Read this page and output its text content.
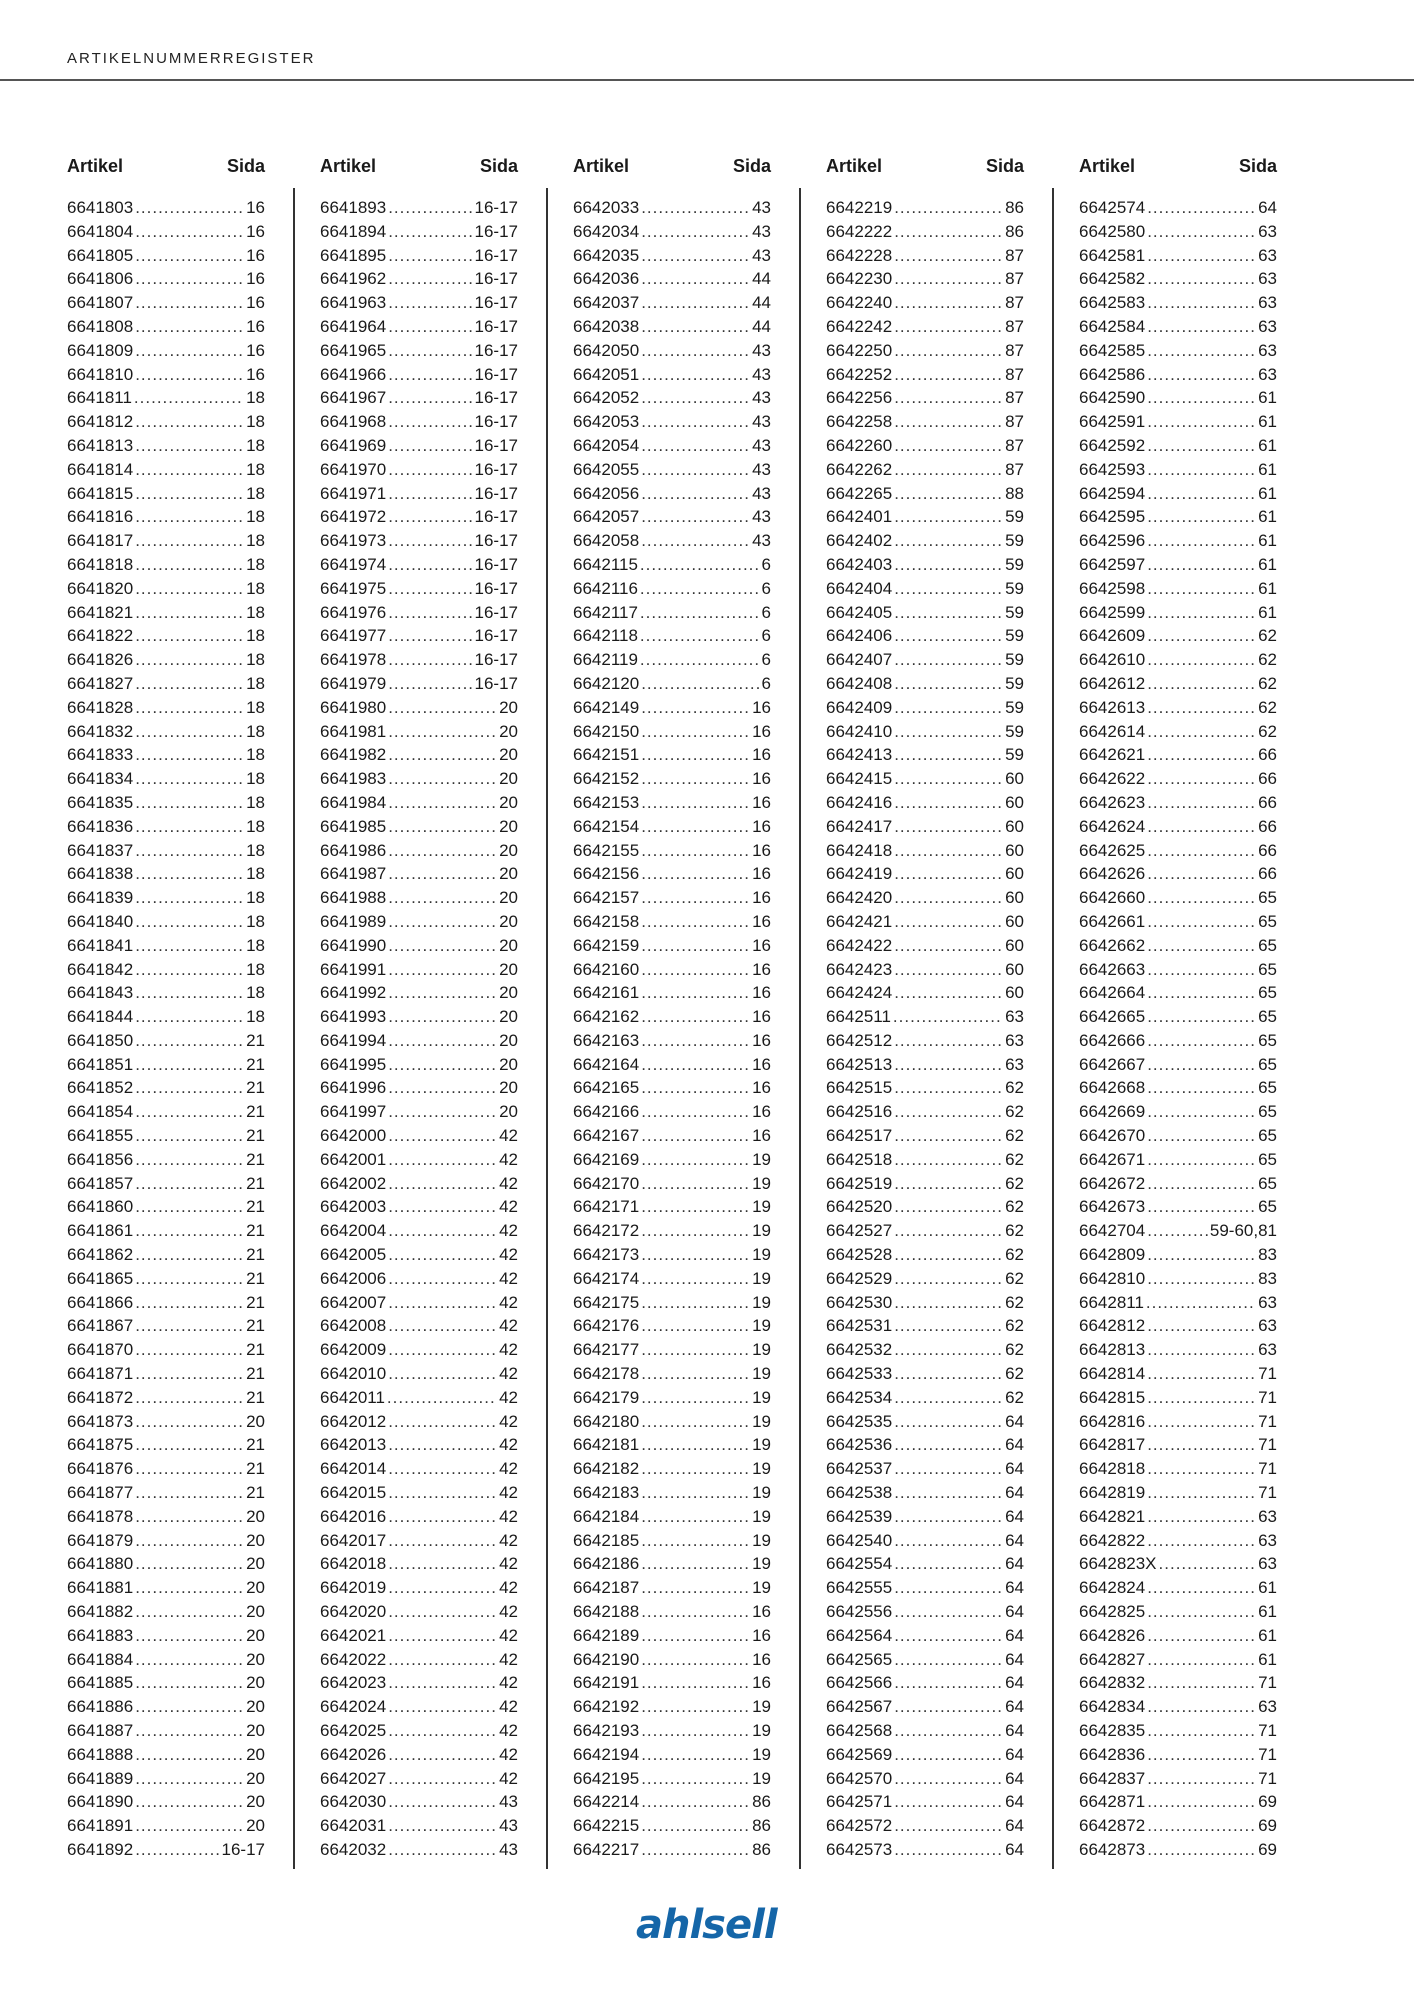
ARTIKELNUMMERREGISTER
Artikel	Sida
6641803 .....	16
6641804 .....	16
6641805 .....	16
6641806 .....	16
6641807 .....	16
6641808 .....	16
6641809 .....	16
6641810 .....	16
6641811 .....	18
6641812 .....	18
6641813 .....	18
6641814 .....	18
6641815 .....	18
6641816 .....	18
6641817 .....	18
6641818 .....	18
6641820 .....	18
6641821 .....	18
6641822 .....	18
6641826 .....	18
6641827 .....	18
6641828 .....	18
6641832 .....	18
6641833 .....	18
6641834 .....	18
6641835 .....	18
6641836 .....	18
6641837 .....	18
6641838 .....	18
6641839 .....	18
6641840 .....	18
6641841 .....	18
6641842 .....	18
6641843 .....	18
6641844 .....	18
6641850 .....	21
6641851 .....	21
6641852 .....	21
6641854 .....	21
6641855 .....	21
6641856 .....	21
6641857 .....	21
6641860 .....	21
6641861 .....	21
6641862 .....	21
6641865 .....	21
6641866 .....	21
6641867 .....	21
6641870 .....	21
6641871 .....	21
6641872 .....	21
6641873 .....	20
6641875 .....	21
6641876 .....	21
6641877 .....	21
6641878 .....	20
6641879 .....	20
6641880 .....	20
6641881 .....	20
6641882 .....	20
6641883 .....	20
6641884 .....	20
6641885 .....	20
6641886 .....	20
6641887 .....	20
6641888 .....	20
6641889 .....	20
6641890 .....	20
6641891 .....	20
6641892 .....	16-17
Artikel	Sida
6641893 .....	16-17
6641894 .....	16-17
6641895 .....	16-17
6641962 .....	16-17
6641963 .....	16-17
6641964 .....	16-17
6641965 .....	16-17
6641966 .....	16-17
6641967 .....	16-17
6641968 .....	16-17
6641969 .....	16-17
6641970 .....	16-17
6641971 .....	16-17
6641972 .....	16-17
6641973 .....	16-17
6641974 .....	16-17
6641975 .....	16-17
6641976 .....	16-17
6641977 .....	16-17
6641978 .....	16-17
6641979 .....	16-17
6641980 .....	20
6641981 .....	20
6641982 .....	20
6641983 .....	20
6641984 .....	20
6641985 .....	20
6641986 .....	20
6641987 .....	20
6641988 .....	20
6641989 .....	20
6641990 .....	20
6641991 .....	20
6641992 .....	20
6641993 .....	20
6641994 .....	20
6641995 .....	20
6641996 .....	20
6641997 .....	20
6642000 .....	42
6642001 .....	42
6642002 .....	42
6642003 .....	42
6642004 .....	42
6642005 .....	42
6642006 .....	42
6642007 .....	42
6642008 .....	42
6642009 .....	42
6642010 .....	42
6642011 .....	42
6642012 .....	42
6642013 .....	42
6642014 .....	42
6642015 .....	42
6642016 .....	42
6642017 .....	42
6642018 .....	42
6642019 .....	42
6642020 .....	42
6642021 .....	42
6642022 .....	42
6642023 .....	42
6642024 .....	42
6642025 .....	42
6642026 .....	42
6642027 .....	42
6642030 .....	43
6642031 .....	43
6642032 .....	43
Artikel	Sida
6642033 .....	43
6642034 .....	43
6642035 .....	43
6642036 .....	44
6642037 .....	44
6642038 .....	44
6642050 .....	43
6642051 .....	43
6642052 .....	43
6642053 .....	43
6642054 .....	43
6642055 .....	43
6642056 .....	43
6642057 .....	43
6642058 .....	43
6642115 .....	6
6642116 .....	6
6642117 .....	6
6642118 .....	6
6642119 .....	6
6642120 .....	6
6642149 .....	16
6642150 .....	16
6642151 .....	16
6642152 .....	16
6642153 .....	16
6642154 .....	16
6642155 .....	16
6642156 .....	16
6642157 .....	16
6642158 .....	16
6642159 .....	16
6642160 .....	16
6642161 .....	16
6642162 .....	16
6642163 .....	16
6642164 .....	16
6642165 .....	16
6642166 .....	16
6642167 .....	16
6642169 .....	19
6642170 .....	19
6642171 .....	19
6642172 .....	19
6642173 .....	19
6642174 .....	19
6642175 .....	19
6642176 .....	19
6642177 .....	19
6642178 .....	19
6642179 .....	19
6642180 .....	19
6642181 .....	19
6642182 .....	19
6642183 .....	19
6642184 .....	19
6642185 .....	19
6642186 .....	19
6642187 .....	19
6642188 .....	16
6642189 .....	16
6642190 .....	16
6642191 .....	16
6642192 .....	19
6642193 .....	19
6642194 .....	19
6642195 .....	19
6642214 .....	86
6642215 .....	86
6642217 .....	86
Artikel	Sida
6642219 .....	86
6642222 .....	86
6642228 .....	87
6642230 .....	87
6642240 .....	87
6642242 .....	87
6642250 .....	87
6642252 .....	87
6642256 .....	87
6642258 .....	87
6642260 .....	87
6642262 .....	87
6642265 .....	88
6642401 .....	59
6642402 .....	59
6642403 .....	59
6642404 .....	59
6642405 .....	59
6642406 .....	59
6642407 .....	59
6642408 .....	59
6642409 .....	59
6642410 .....	59
6642413 .....	59
6642415 .....	60
6642416 .....	60
6642417 .....	60
6642418 .....	60
6642419 .....	60
6642420 .....	60
6642421 .....	60
6642422 .....	60
6642423 .....	60
6642424 .....	60
6642511 .....	63
6642512 .....	63
6642513 .....	63
6642515 .....	62
6642516 .....	62
6642517 .....	62
6642518 .....	62
6642519 .....	62
6642520 .....	62
6642527 .....	62
6642528 .....	62
6642529 .....	62
6642530 .....	62
6642531 .....	62
6642532 .....	62
6642533 .....	62
6642534 .....	62
6642535 .....	64
6642536 .....	64
6642537 .....	64
6642538 .....	64
6642539 .....	64
6642540 .....	64
6642554 .....	64
6642555 .....	64
6642556 .....	64
6642564 .....	64
6642565 .....	64
6642566 .....	64
6642567 .....	64
6642568 .....	64
6642569 .....	64
6642570 .....	64
6642571 .....	64
6642572 .....	64
6642573 .....	64
Artikel	Sida
6642574 .....	64
6642580 .....	63
6642581 .....	63
6642582 .....	63
6642583 .....	63
6642584 .....	63
6642585 .....	63
6642586 .....	63
6642590 .....	61
6642591 .....	61
6642592 .....	61
6642593 .....	61
6642594 .....	61
6642595 .....	61
6642596 .....	61
6642597 .....	61
6642598 .....	61
6642599 .....	61
6642609 .....	62
6642610 .....	62
6642612 .....	62
6642613 .....	62
6642614 .....	62
6642621 .....	66
6642622 .....	66
6642623 .....	66
6642624 .....	66
6642625 .....	66
6642626 .....	66
6642660 .....	65
6642661 .....	65
6642662 .....	65
6642663 .....	65
6642664 .....	65
6642665 .....	65
6642666 .....	65
6642667 .....	65
6642668 .....	65
6642669 .....	65
6642670 .....	65
6642671 .....	65
6642672 .....	65
6642673 .....	65
6642704 .....	59-60,81
6642809 .....	83
6642810 .....	83
6642811 .....	63
6642812 .....	63
6642813 .....	63
6642814 .....	71
6642815 .....	71
6642816 .....	71
6642817 .....	71
6642818 .....	71
6642819 .....	71
6642821 .....	63
6642822 .....	63
6642823X .....	63
6642824 .....	61
6642825 .....	61
6642826 .....	61
6642827 .....	61
6642832 .....	71
6642834 .....	63
6642835 .....	71
6642836 .....	71
6642837 .....	71
6642871 .....	69
6642872 .....	69
6642873 .....	69
ahlsell
